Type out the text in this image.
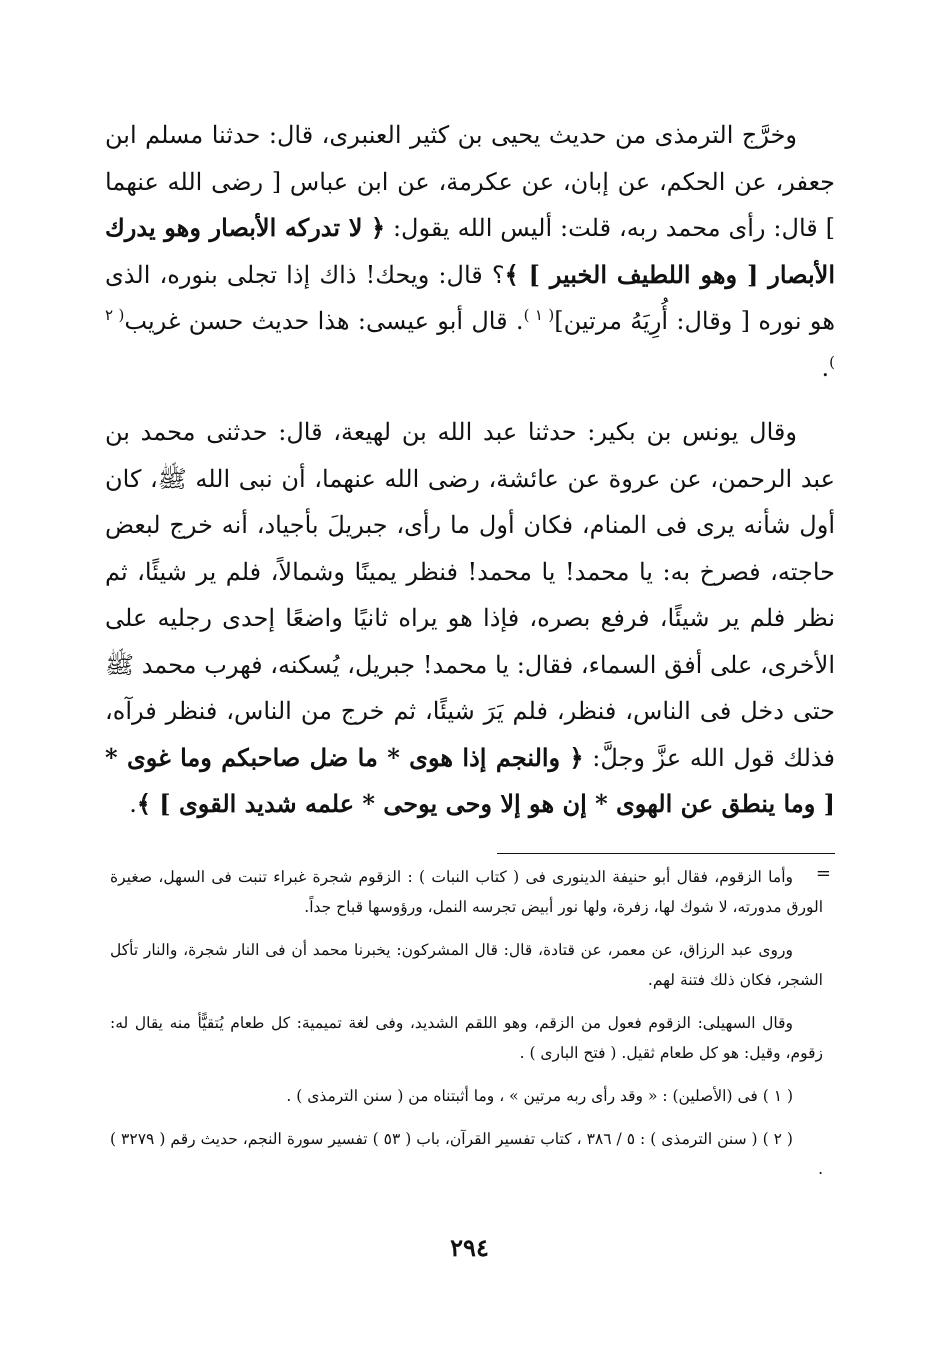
وخرَّج الترمذى من حديث يحيى بن كثير العنبرى، قال: حدثنا مسلم ابن جعفر، عن الحكم، عن إبان، عن عكرمة، عن ابن عباس [ رضى الله عنهما ] قال: رأى محمد ربه، قلت: أليس الله يقول: ﴿ لا تدركه الأبصار وهو يدرك الأبصار [ وهو اللطيف الخبير ] ﴾؟ قال: ويحك! ذاك إذا تجلى بنوره، الذى هو نوره [ وقال: أُرِيَهُ مرتين]$^{( ١ )}$. قال أبو عيسى: هذا حديث حسن غريب$^{( ٢ )}$.

وقال يونس بن بكير: حدثنا عبد الله بن لهيعة، قال: حدثنى محمد بن عبد الرحمن، عن عروة عن عائشة، رضى الله عنهما، أن نبى الله ﷺ، كان أول شأنه يرى فى المنام، فكان أول ما رأى، جبريلَ بأجياد، أنه خرج لبعض حاجته، فصرخ به: يا محمد! يا محمد! فنظر يمينًا وشمالاً، فلم ير شيئًا، ثم نظر فلم ير شيئًا، فرفع بصره، فإذا هو يراه ثانيًا واضعًا إحدى رجليه على الأخرى، على أفق السماء، فقال: يا محمد! جبريل، يُسكنه، فهرب محمد ﷺ حتى دخل فى الناس، فنظر، فلم يَرَ شيئًا، ثم خرج من الناس، فنظر فرآه، فذلك قول الله عزَّ وجلَّ: ﴿ والنجم إذا هوى * ما ضل صاحبكم وما غوى * [ وما ينطق عن الهوى * إن هو إلا وحى يوحى * علمه شديد القوى ] ﴾.

=

وأما الزقوم، فقال أبو حنيفة الدينورى فى ( كتاب النبات ) : الزقوم شجرة غبراء تنبت فى السهل، صغيرة الورق مدورته، لا شوك لها، زفرة، ولها نور أبيض تجرسه النمل، ورؤوسها قباح جداً.

وروى عبد الرزاق، عن معمر، عن قتادة، قال: قال المشركون: يخبرنا محمد أن فى النار شجرة، والنار تأكل الشجر، فكان ذلك فتنة لهم.

وقال السهيلى: الزقوم فعول من الزقم، وهو اللقم الشديد، وفى لغة تميمية: كل طعام يُتقيًّأ منه يقال له: زقوم، وقيل: هو كل طعام ثقيل. ( فتح البارى ) .

( ١ ) فى (الأصلين) : « وقد رأى ربه مرتين » ، وما أثبتناه من ( سنن الترمذى ) .

( ٢ ) ( سنن الترمذى ) : ٥ / ٣٨٦ ، كتاب تفسير القرآن، باب ( ٥٣ ) تفسير سورة النجم، حديث رقم ( ٣٢٧٩ ) .

٢٩٤
